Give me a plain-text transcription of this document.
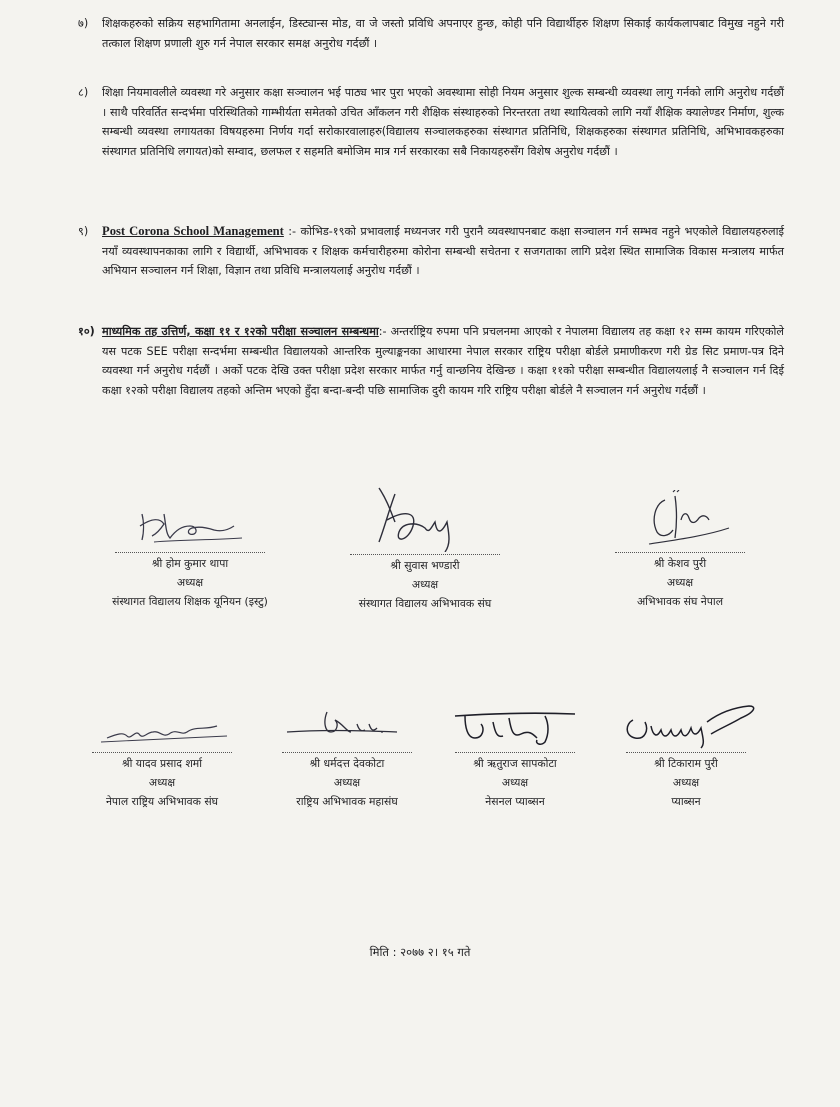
७)	शिक्षकहरुको सक्रिय सहभागितामा अनलाईन, डिस्ट्यान्स मोड, वा जे जस्तो प्रविधि अपनाएर हुन्छ, कोही पनि विद्यार्थीहरु शिक्षण सिकाई कार्यकलापबाट विमुख नहुने गरी तत्काल शिक्षण प्रणाली शुरु गर्न नेपाल सरकार समक्ष अनुरोध गर्दछौं ।
८)	शिक्षा नियमावलीले व्यवस्था गरे अनुसार कक्षा सञ्चालन भई पाठ्य भार पुरा भएको अवस्थामा सोही नियम अनुसार शुल्क सम्बन्धी व्यवस्था लागु गर्नको लागि अनुरोध गर्दछौं । साथै परिवर्तित सन्दर्भमा परिस्थितिको गाम्भीर्यता समेतको उचित आँकलन गरी शैक्षिक संस्थाहरुको निरन्तरता तथा स्थायित्वको लागि नयाँ शैक्षिक क्यालेण्डर निर्माण, शुल्क सम्बन्धी व्यवस्था लगायतका विषयहरुमा निर्णय गर्दा सरोकारवालाहरु(विद्यालय सञ्चालकहरुका संस्थागत प्रतिनिधि, शिक्षकहरुका संस्थागत प्रतिनिधि, अभिभावकहरुका संस्थागत प्रतिनिधि लगायत)को सम्वाद, छलफल र सहमति बमोजिम मात्र गर्न सरकारका सबै निकायहरुसँग विशेष अनुरोध गर्दछौं ।
९)	Post Corona School Management :- कोभिड-१९को प्रभावलाई मध्यनजर गरी पुरानै व्यवस्थापनबाट कक्षा सञ्चालन गर्न सम्भव नहुने भएकोले विद्यालयहरुलाई नयाँ व्यवस्थापनकाका लागि र विद्यार्थी, अभिभावक र शिक्षक कर्मचारीहरुमा कोरोना सम्बन्धी सचेतना र सजगताका लागि प्रदेश स्थित सामाजिक विकास मन्त्रालय मार्फत अभियान सञ्चालन गर्न शिक्षा, विज्ञान तथा प्रविधि मन्त्रालयलाई अनुरोध गर्दछौं ।
१०) माध्यमिक तह उत्तिर्ण, कक्षा ११ र १२को परीक्षा सञ्चालन सम्बन्धमा:- अन्तर्राष्ट्रिय रुपमा पनि प्रचलनमा आएको र नेपालमा विद्यालय तह कक्षा १२ सम्म कायम गरिएकोले यस पटक SEE परीक्षा सन्दर्भमा सम्बन्धीत विद्यालयको आन्तरिक मुल्याङ्कनका आधारमा नेपाल सरकार राष्ट्रिय परीक्षा बोर्डले प्रमाणीकरण गरी ग्रेड सिट प्रमाण-पत्र दिने व्यवस्था गर्न अनुरोध गर्दछौं । अर्को पटक देखि उक्त परीक्षा प्रदेश सरकार मार्फत गर्नु वान्छनिय देखिन्छ । कक्षा ११को परीक्षा सम्बन्धीत विद्यालयलाई नै सञ्चालन गर्न दिई कक्षा १२को परीक्षा विद्यालय तहको अन्तिम भएको हुँदा बन्दा-बन्दी पछि सामाजिक दुरी कायम गरि राष्ट्रिय परीक्षा बोर्डले नै सञ्चालन गर्न अनुरोध गर्दछौं ।
श्री होम कुमार थापा
अध्यक्ष
संस्थागत विद्यालय शिक्षक यूनियन (इस्टु)
श्री सुवास भण्डारी
अध्यक्ष
संस्थागत विद्यालय अभिभावक संघ
श्री केशव पुरी
अध्यक्ष
अभिभावक संघ नेपाल
श्री यादव प्रसाद शर्मा
अध्यक्ष
नेपाल राष्ट्रिय अभिभावक संघ
श्री धर्मदत्त देवकोटा
अध्यक्ष
राष्ट्रिय अभिभावक महासंघ
श्री ऋतुराज सापकोटा
अध्यक्ष
नेसनल प्याब्सन
श्री टिकाराम पुरी
अध्यक्ष
प्याब्सन
मिति : २०७७ २। १५ गते
